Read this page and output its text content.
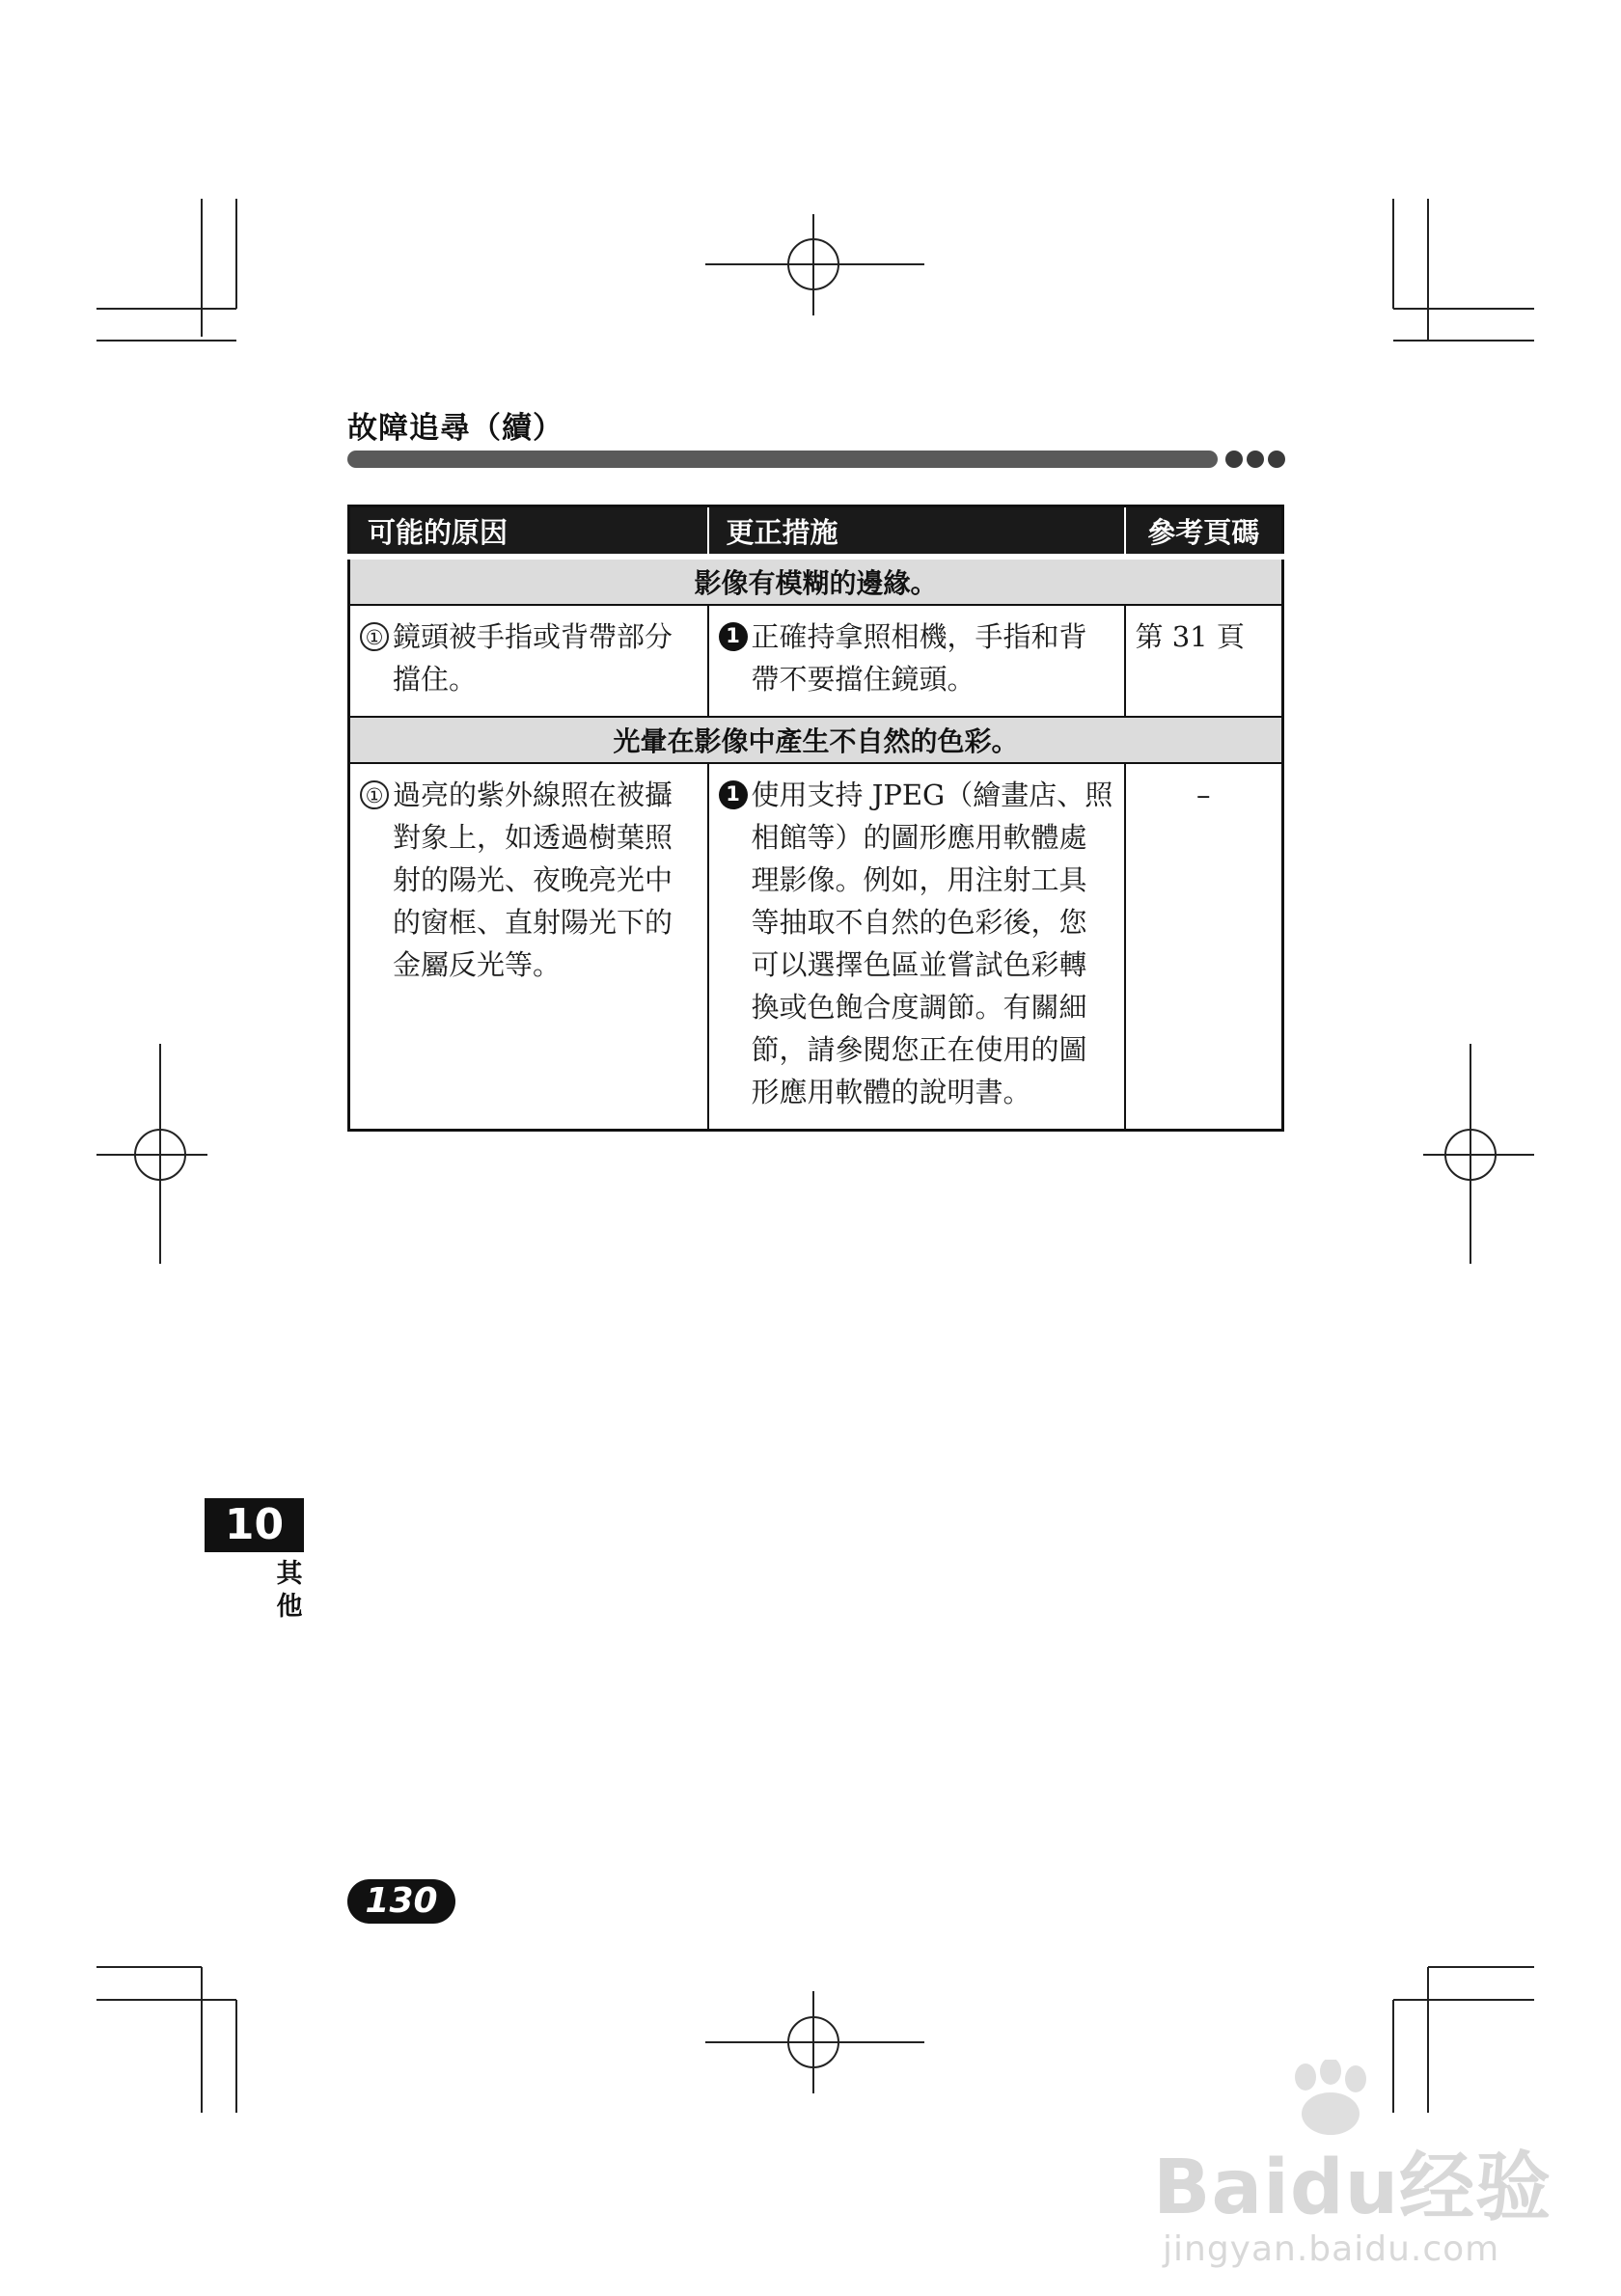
故障追尋（續）
可能的原因	更正措施	參考頁碼
影像有模糊的邊緣。		

① 鏡頭被手指或背帶部分擋住。	1 正確持拿照相機，手指和背帶不要擋住鏡頭。	第 31 頁
光暈在影像中產生不自然的色彩。		

① 過亮的紫外線照在被攝對象上，如透過樹葉照射的陽光、夜晚亮光中的窗框、直射陽光下的金屬反光等。	1 使用支持 JPEG（繪畫店、照相館等）的圖形應用軟體處理影像。例如，用注射工具等抽取不自然的色彩後，您可以選擇色區並嘗試色彩轉換或色飽合度調節。有關細節，請參閱您正在使用的圖形應用軟體的說明書。	–
10
其他
130
Baidu经验
jingyan.baidu.com
